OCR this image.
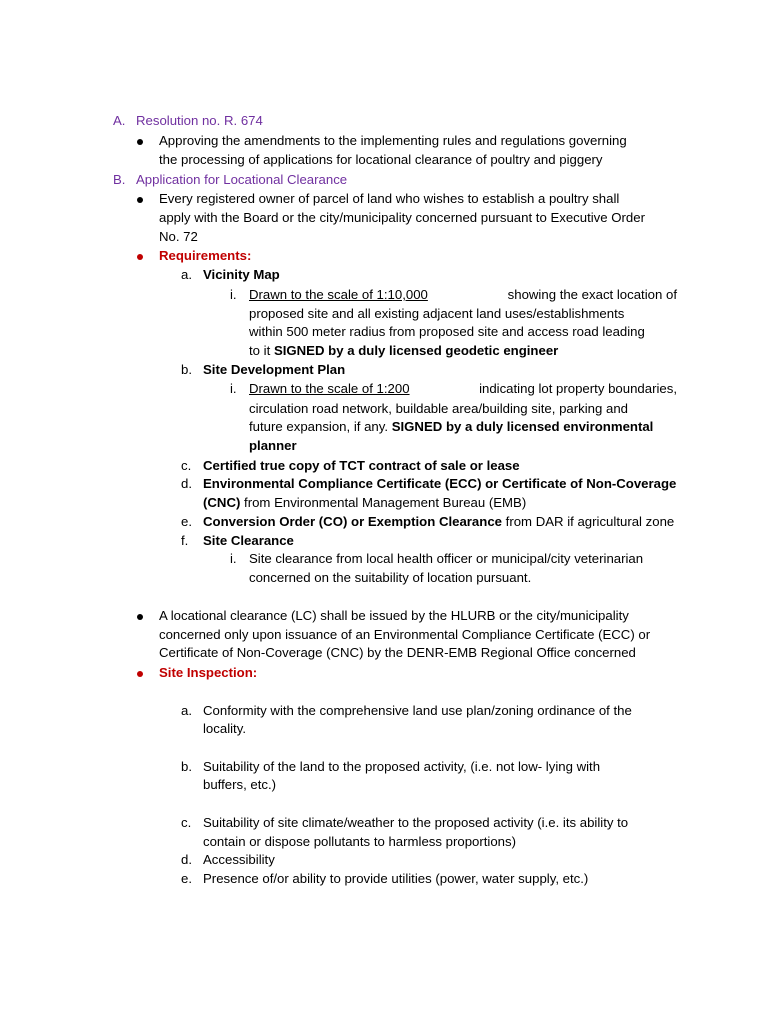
A. Resolution no. R. 674
Approving the amendments to the implementing rules and regulations governing
the processing of applications for locational clearance of poultry and piggery
B. Application for Locational Clearance
Every registered owner of parcel of land who wishes to establish a poultry shall
apply with the Board or the city/municipality concerned pursuant to Executive Order
No. 72
Requirements:
a. Vicinity Map
i. Drawn to the scale of 1:10,000	showing the exact location of
proposed site and all existing adjacent land uses/establishments
within 500 meter radius from proposed site and access road leading
to it SIGNED by a duly licensed geodetic engineer
b. Site Development Plan
i. Drawn to the scale of 1:200	indicating lot property boundaries,
circulation road network, buildable area/building site, parking and
future expansion, if any. SIGNED by a duly licensed environmental
planner
c. Certified true copy of TCT contract of sale or lease
d. Environmental Compliance Certificate (ECC) or Certificate of Non-Coverage
(CNC) from Environmental Management Bureau (EMB)
e. Conversion Order (CO) or Exemption Clearance from DAR if agricultural zone
f. Site Clearance
i. Site clearance from local health officer or municipal/city veterinarian
concerned on the suitability of location pursuant.
A locational clearance (LC) shall be issued by the HLURB or the city/municipality
concerned only upon issuance of an Environmental Compliance Certificate (ECC) or
Certificate of Non-Coverage (CNC) by the DENR-EMB Regional Office concerned
Site Inspection:
a. Conformity with the comprehensive land use plan/zoning ordinance of the
locality.
b. Suitability of the land to the proposed activity, (i.e. not low- lying with
buffers, etc.)
c. Suitability of site climate/weather to the proposed activity (i.e. its ability to
contain or dispose pollutants to harmless proportions)
d. Accessibility
e. Presence of/or ability to provide utilities (power, water supply, etc.)
